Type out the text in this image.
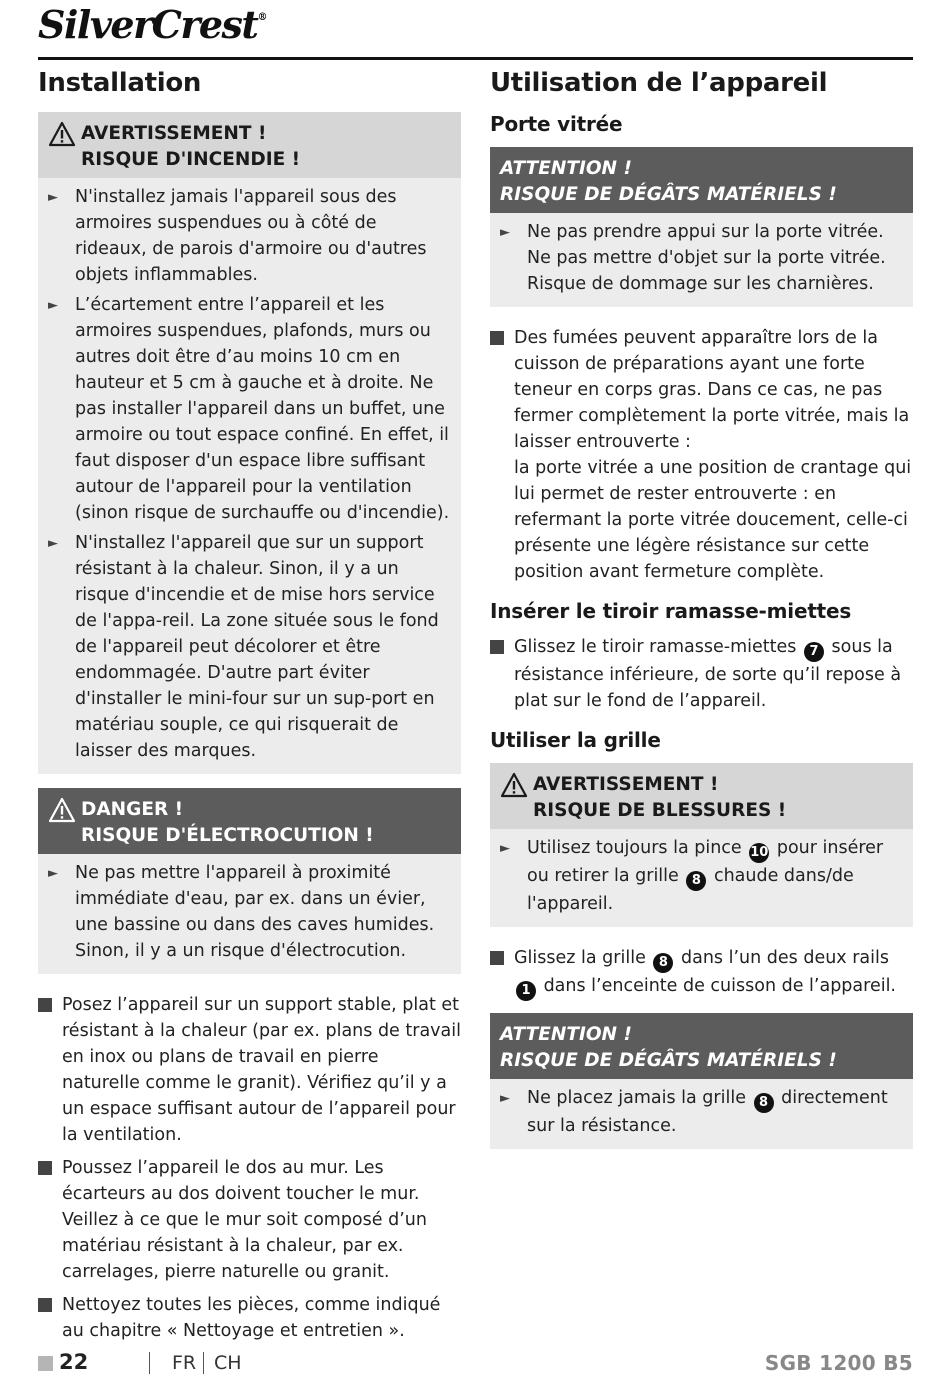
SilverCrest®
Installation
AVERTISSEMENT !
RISQUE D'INCENDIE !
► N'installez jamais l'appareil sous des armoires suspendues ou à côté de rideaux, de parois d'armoire ou d'autres objets inflammables.
► L’écartement entre l’appareil et les armoires suspendues, plafonds, murs ou autres doit être d’au moins 10 cm en hauteur et 5 cm à gauche et à droite. Ne pas installer l'appareil dans un buffet, une armoire ou tout espace confiné. En effet, il faut disposer d'un espace libre suffisant autour de l'appareil pour la ventilation (sinon risque de surchauffe ou d'incendie).
► N'installez l'appareil que sur un support résistant à la chaleur. Sinon, il y a un risque d'incendie et de mise hors service de l'appa-reil. La zone située sous le fond de l'appareil peut décolorer et être endommagée. D'autre part éviter d'installer le mini-four sur un sup-port en matériau souple, ce qui risquerait de laisser des marques.
DANGER !
RISQUE D'ÉLECTROCUTION !
► Ne pas mettre l'appareil à proximité immédiate d'eau, par ex. dans un évier, une bassine ou dans des caves humides. Sinon, il y a un risque d'électrocution.
Posez l’appareil sur un support stable, plat et résistant à la chaleur (par ex. plans de travail en inox ou plans de travail en pierre naturelle comme le granit). Vérifiez qu’il y a un espace suffisant autour de l’appareil pour la ventilation.
Poussez l’appareil le dos au mur. Les écarteurs au dos doivent toucher le mur. Veillez à ce que le mur soit composé d’un matériau résistant à la chaleur, par ex. carrelages, pierre naturelle ou granit.
Nettoyez toutes les pièces, comme indiqué au chapitre « Nettoyage et entretien ».
Utilisation de l’appareil
Porte vitrée
ATTENTION !
RISQUE DE DÉGÂTS MATÉRIELS !
► Ne pas prendre appui sur la porte vitrée. Ne pas mettre d'objet sur la porte vitrée. Risque de dommage sur les charnières.
Des fumées peuvent apparaître lors de la cuisson de préparations ayant une forte teneur en corps gras. Dans ce cas, ne pas fermer complètement la porte vitrée, mais la laisser entrouverte :
la porte vitrée a une position de crantage qui lui permet de rester entrouverte : en refermant la porte vitrée doucement, celle-ci présente une légère résistance sur cette position avant fermeture complète.
Insérer le tiroir ramasse-miettes
Glissez le tiroir ramasse-miettes 7 sous la résistance inférieure, de sorte qu’il repose à plat sur le fond de l’appareil.
Utiliser la grille
AVERTISSEMENT !
RISQUE DE BLESSURES !
► Utilisez toujours la pince 10 pour insérer ou retirer la grille 8 chaude dans/de l'appareil.
Glissez la grille 8 dans l’un des deux rails 1 dans l’enceinte de cuisson de l’appareil.
ATTENTION !
RISQUE DE DÉGÂTS MATÉRIELS !
► Ne placez jamais la grille 8 directement sur la résistance.
22	FR CH	SGB 1200 B5
